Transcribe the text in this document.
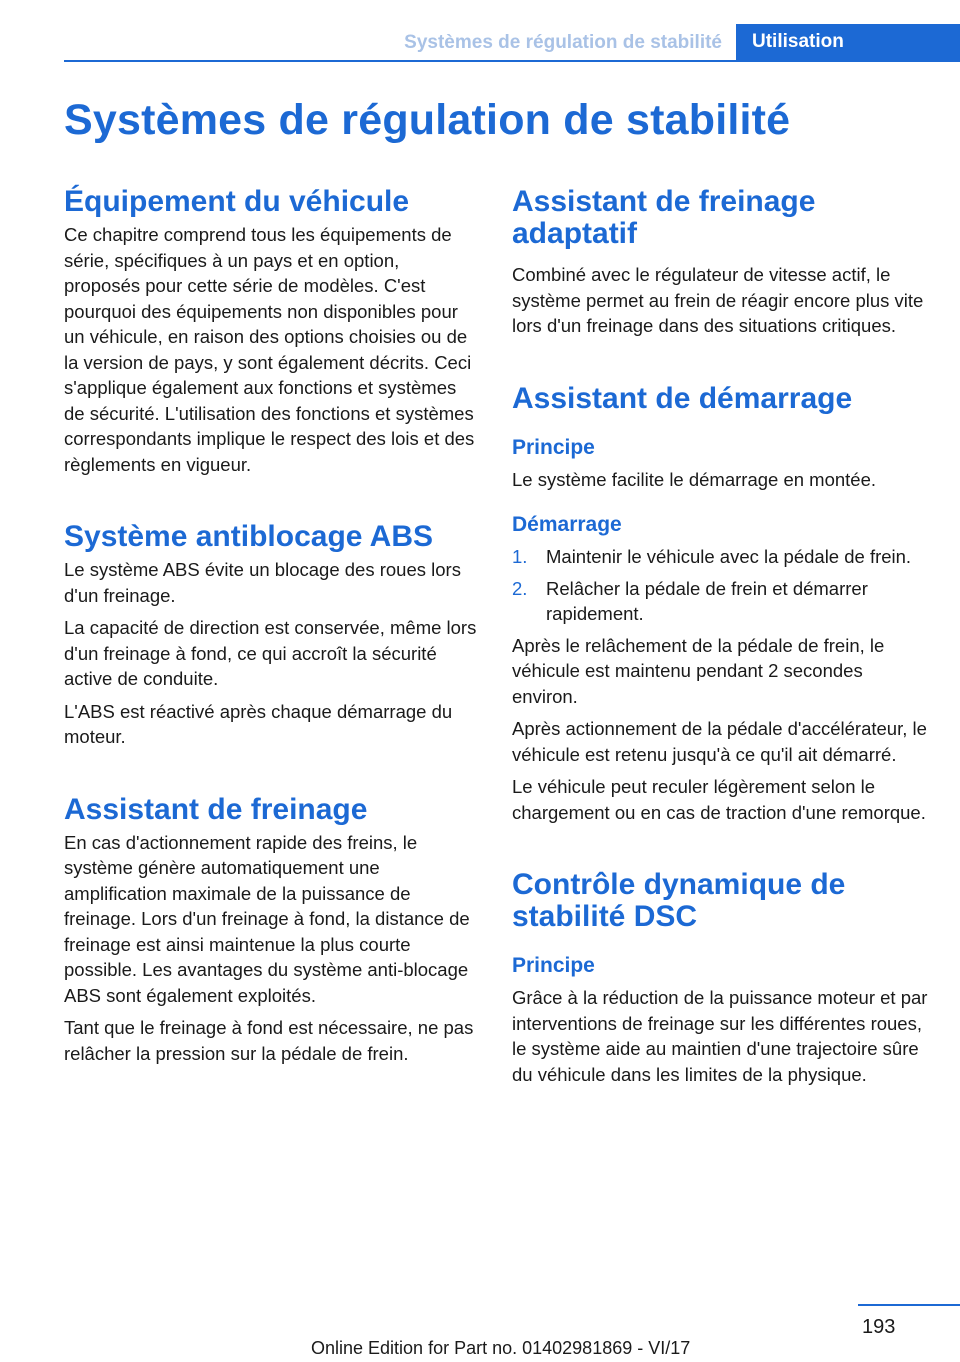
Systèmes de régulation de stabilité	Utilisation
Systèmes de régulation de stabilité
Équipement du véhicule

Ce chapitre comprend tous les équipements de série, spécifiques à un pays et en option, proposés pour cette série de modèles. C'est pourquoi des équipements non disponibles pour un véhicule, en raison des options choisies ou de la version de pays, y sont également décrits. Ceci s'applique également aux fonctions et systèmes de sécurité. L'utilisation des fonctions et systèmes correspondants implique le respect des lois et des règlements en vigueur.

Système antiblocage ABS

Le système ABS évite un blocage des roues lors d'un freinage.

La capacité de direction est conservée, même lors d'un freinage à fond, ce qui accroît la sécurité active de conduite.

L'ABS est réactivé après chaque démarrage du moteur.

Assistant de freinage

En cas d'actionnement rapide des freins, le système génère automatiquement une amplification maximale de la puissance de freinage. Lors d'un freinage à fond, la distance de freinage est ainsi maintenue la plus courte possible. Les avantages du système anti-blocage ABS sont également exploités.

Tant que le freinage à fond est nécessaire, ne pas relâcher la pression sur la pédale de frein.

Assistant de freinage adaptatif

Combiné avec le régulateur de vitesse actif, le système permet au frein de réagir encore plus vite lors d'un freinage dans des situations critiques.

Assistant de démarrage
Principe

Le système facilite le démarrage en montée.

Démarrage
1. Maintenir le véhicule avec la pédale de frein.
2. Relâcher la pédale de frein et démarrer rapidement.

Après le relâchement de la pédale de frein, le véhicule est maintenu pendant 2 secondes environ.

Après actionnement de la pédale d'accélérateur, le véhicule est retenu jusqu'à ce qu'il ait démarré.

Le véhicule peut reculer légèrement selon le chargement ou en cas de traction d'une remorque.

Contrôle dynamique de stabilité DSC
Principe

Grâce à la réduction de la puissance moteur et par interventions de freinage sur les différentes roues, le système aide au maintien d'une trajectoire sûre du véhicule dans les limites de la physique.

193
Online Edition for Part no. 01402981869 - VI/17
